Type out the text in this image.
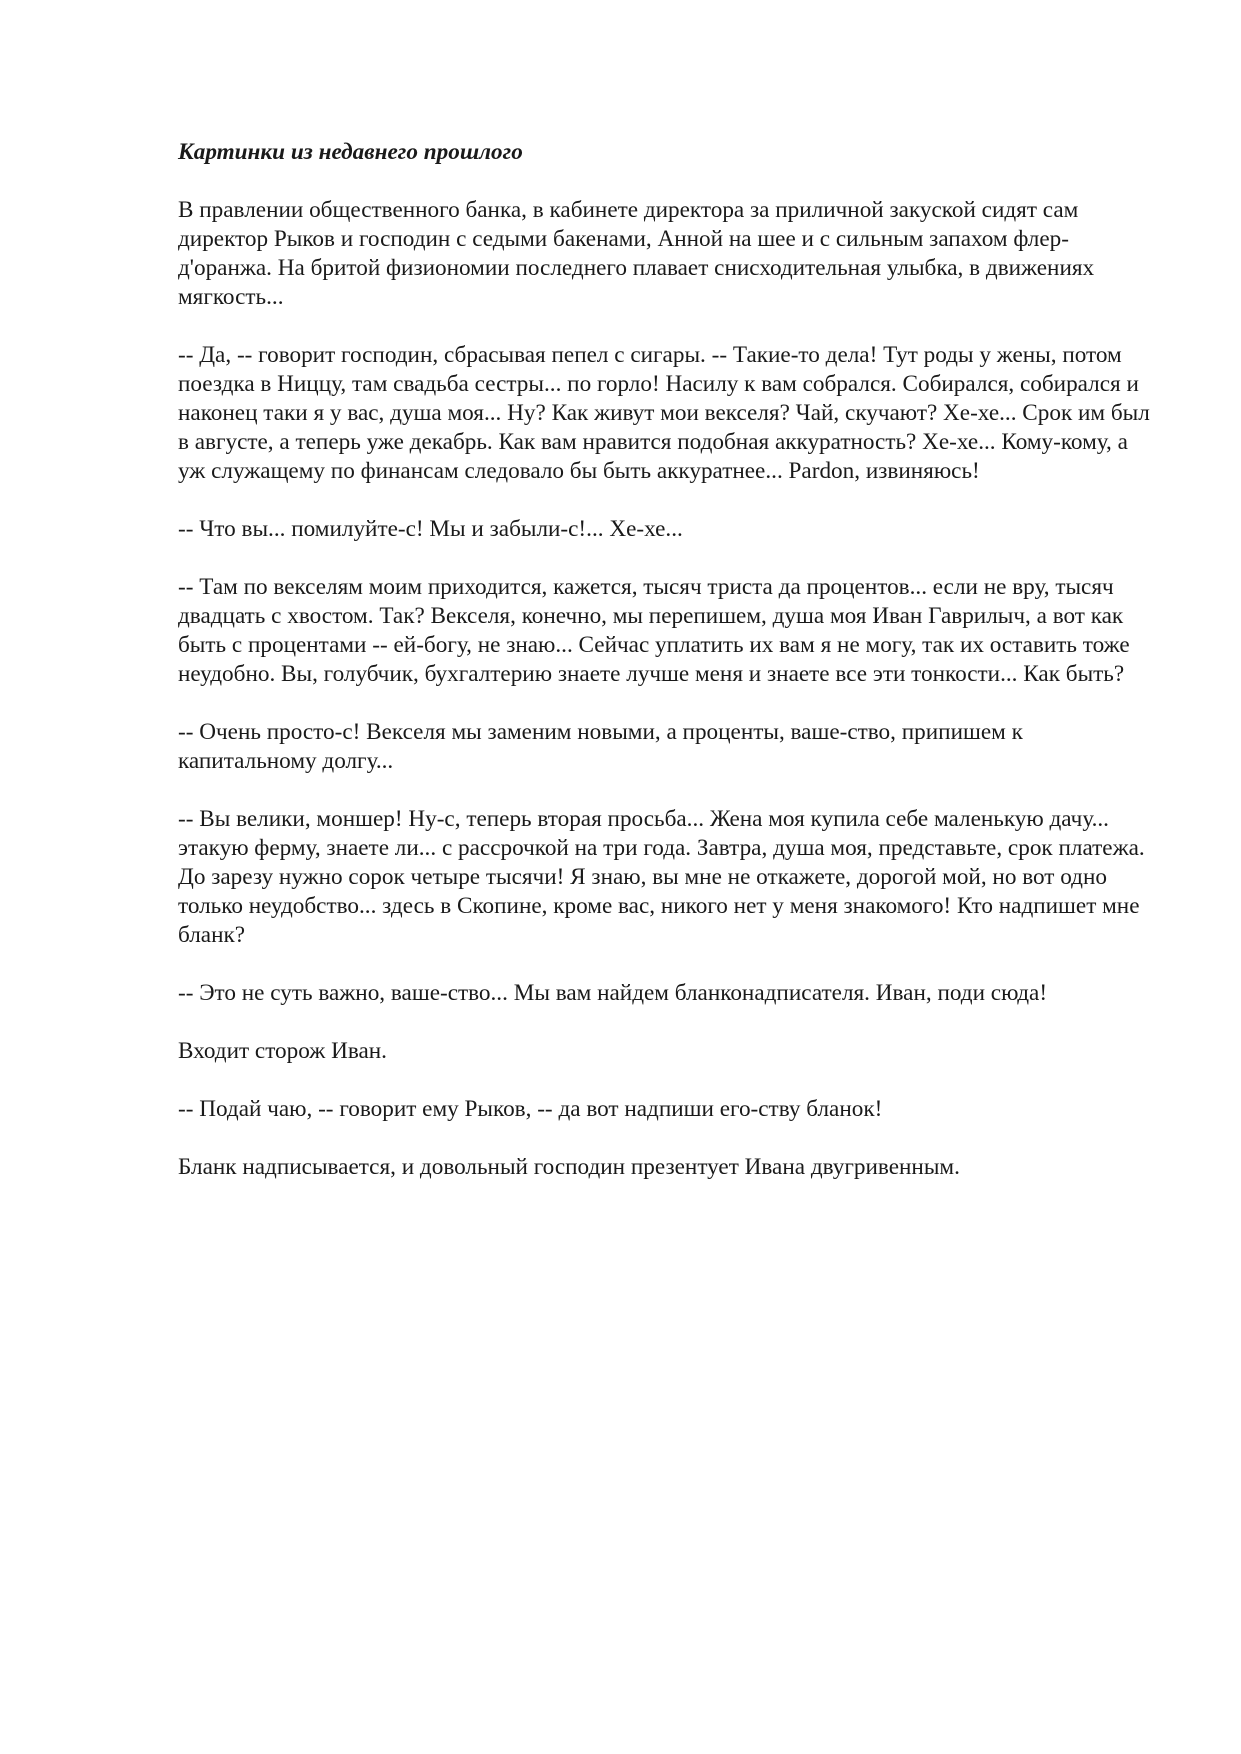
Картинки из недавнего прошлого

В правлении общественного банка, в кабинете директора за приличной закуской сидят сам директор Рыков и господин с седыми бакенами, Анной на шее и с сильным запахом флер-д'оранжа. На бритой физиономии последнего плавает снисходительная улыбка, в движениях мягкость...

-- Да, -- говорит господин, сбрасывая пепел с сигары. -- Такие-то дела! Тут роды у жены, потом поездка в Ниццу, там свадьба сестры... по горло! Насилу к вам собрался. Собирался, собирался и наконец таки я у вас, душа моя... Ну? Как живут мои векселя? Чай, скучают? Хе-хе... Срок им был в августе, а теперь уже декабрь. Как вам нравится подобная аккуратность? Хе-хе... Кому-кому, а уж служащему по финансам следовало бы быть аккуратнее... Pardon, извиняюсь!

-- Что вы... помилуйте-с! Мы и забыли-с!... Хе-хе...

-- Там по векселям моим приходится, кажется, тысяч триста да процентов... если не вру, тысяч двадцать с хвостом. Так? Векселя, конечно, мы перепишем, душа моя Иван Гаврилыч, а вот как быть с процентами -- ей-богу, не знаю... Сейчас уплатить их вам я не могу, так их оставить тоже неудобно. Вы, голубчик, бухгалтерию знаете лучше меня и знаете все эти тонкости... Как быть?

-- Очень просто-с! Векселя мы заменим новыми, а проценты, ваше-ство, припишем к капитальному долгу...

-- Вы велики, моншер! Ну-с, теперь вторая просьба... Жена моя купила себе маленькую дачу... этакую ферму, знаете ли... с рассрочкой на три года. Завтра, душа моя, представьте, срок платежа. До зарезу нужно сорок четыре тысячи! Я знаю, вы мне не откажете, дорогой мой, но вот одно только неудобство... здесь в Скопине, кроме вас, никого нет у меня знакомого! Кто надпишет мне бланк?

-- Это не суть важно, ваше-ство... Мы вам найдем бланконадписателя. Иван, поди сюда!

Входит сторож Иван.

-- Подай чаю, -- говорит ему Рыков, -- да вот надпиши его-ству бланок!

Бланк надписывается, и довольный господин презентует Ивана двугривенным.
